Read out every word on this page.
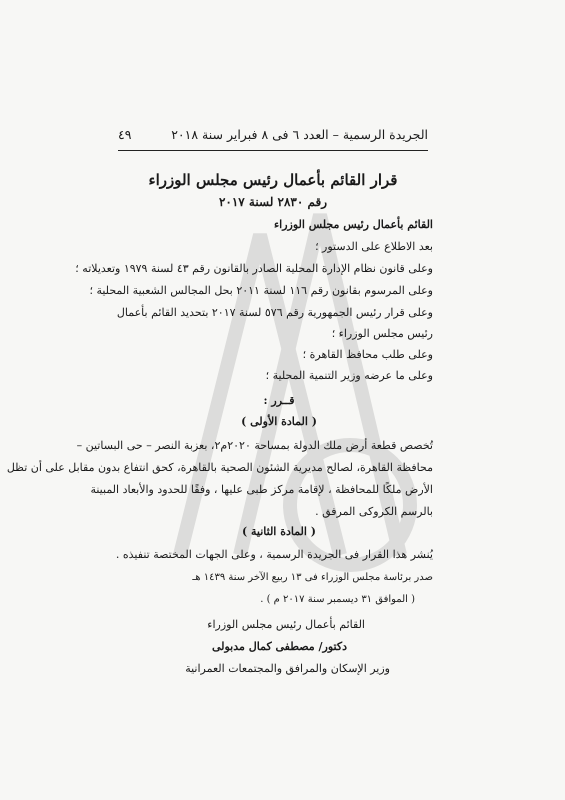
الجريدة الرسمية – العدد ٦ فى ٨ فبراير سنة ٢٠١٨
٤٩
قرار القائم بأعمال رئيس مجلس الوزراء
رقم ٢٨٣٠ لسنة ٢٠١٧
القائم بأعمال رئيس مجلس الوزراء
بعد الاطلاع على الدستور ؛
وعلى قانون نظام الإدارة المحلية الصادر بالقانون رقم ٤٣ لسنة ١٩٧٩ وتعديلاته ؛
وعلى المرسوم بقانون رقم ١١٦ لسنة ٢٠١١ بحل المجالس الشعبية المحلية ؛
وعلى قرار رئيس الجمهورية رقم ٥٧٦ لسنة ٢٠١٧ بتحديد القائم بأعمال
رئيس مجلس الوزراء ؛
وعلى طلب محافظ القاهرة ؛
وعلى ما عرضه وزير التنمية المحلية ؛
قــرر :
( المادة الأولى )
تُخصص قطعة أرض ملك الدولة بمساحة ٢٠٢٠م٢، بعزبة النصر – حى البساتين –
محافظة القاهرة، لصالح مديرية الشئون الصحية بالقاهرة، كحق انتفاع بدون مقابل على أن تظل
الأرض ملكًا للمحافظة ، لإقامة مركز طبى عليها ، وفقًا للحدود والأبعاد المبينة
بالرسم الكروكى المرفق .
( المادة الثانية )
يُنشر هذا القرار فى الجريدة الرسمية ، وعلى الجهات المختصة تنفيذه .
صدر برئاسة مجلس الوزراء فى ١٣ ربيع الآخر سنة ١٤٣٩ هـ
( الموافق ٣١ ديسمبر سنة ٢٠١٧ م ) .
القائم بأعمال رئيس مجلس الوزراء
دكتور/ مصطفى كمال مدبولى
وزير الإسكان والمرافق والمجتمعات العمرانية
